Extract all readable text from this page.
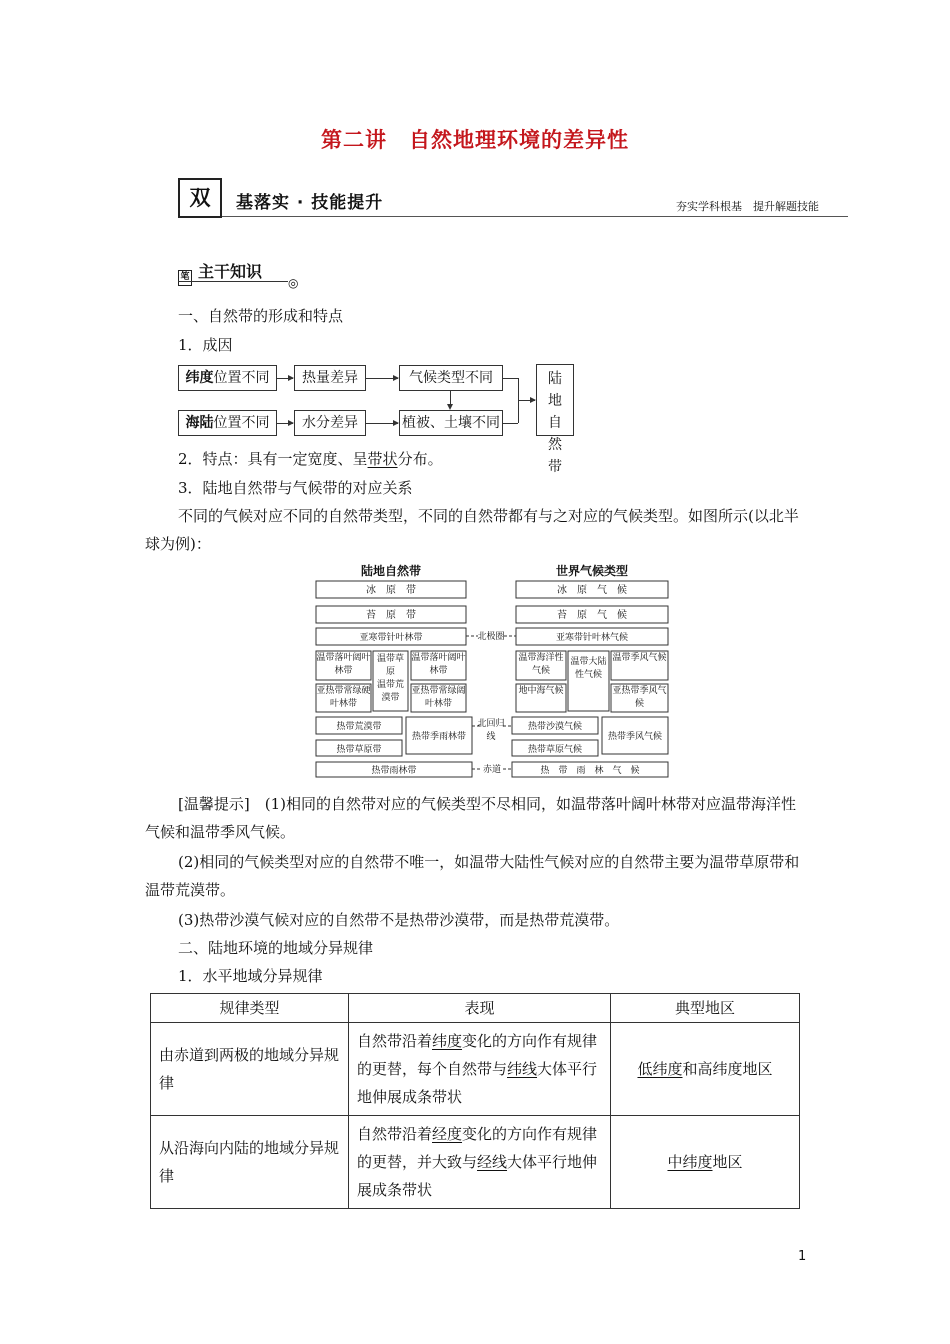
第二讲　自然地理环境的差异性
双	基落实 · 技能提升	夯实学科根基　提升解题技能
笔 主干知识
◎
一、自然带的形成和特点
1．成因
纬度位置不同	热量差异	气候类型不同
海陆位置不同	水分差异	植被、土壤不同
陆地自然带
2．特点：具有一定宽度、呈带状分布。
3．陆地自然带与气候带的对应关系
不同的气候对应不同的自然带类型，不同的自然带都有与之对应的气候类型。如图所示(以北半球为例)：
陆地自然带	世界气候类型
冰　原　带
苔　原　带
亚寒带针叶林带
温带落叶阔叶林带
温带草原
温带荒漠带
温带落叶阔叶林带
亚热带常绿硬叶林带
亚热带常绿阔叶林带
热带荒漠带
热带季雨林带
热带草原带
热带雨林带
冰　原　气　候
苔　原　气　候
亚寒带针叶林气候
温带海洋性气候
温带大陆性气候
温带季风气候
地中海气候	亚热带季风气候
热带沙漠气候
热带季风气候
热带草原气候
热　带　雨　林　气　候
北极圈
北回归线
赤道
[温馨提示]　 (1)相同的自然带对应的气候类型不尽相同，如温带落叶阔叶林带对应温带海洋性气候和温带季风气候。
(2)相同的气候类型对应的自然带不唯一，如温带大陆性气候对应的自然带主要为温带草原带和温带荒漠带。
(3)热带沙漠气候对应的自然带不是热带沙漠带，而是热带荒漠带。
二、陆地环境的地域分异规律
1．水平地域分异规律
规律类型	表现	典型地区
由赤道到两极的地域分异规律	自然带沿着纬度变化的方向作有规律的更替，每个自然带与纬线大体平行地伸展成条带状	低纬度和高纬度地区
从沿海向内陆的地域分异规律	自然带沿着经度变化的方向作有规律的更替，并大致与经线大体平行地伸展成条带状	中纬度地区
1
